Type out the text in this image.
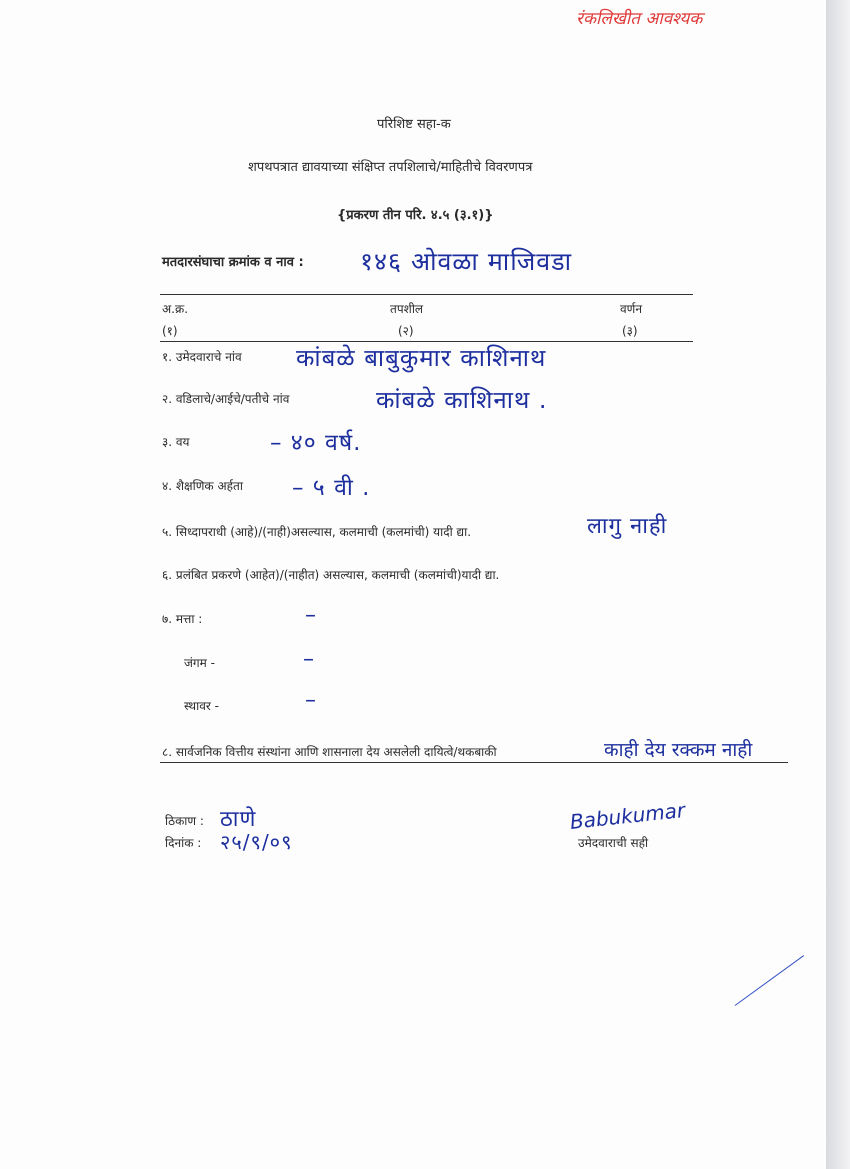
रंकलिखीत आवश्यक
परिशिष्ट सहा-क
शपथपत्रात द्यावयाच्या संक्षिप्त तपशिलाचे/माहितीचे विवरणपत्र
{प्रकरण तीन परि. ४.५ (३.१)}
मतदारसंघाचा क्रमांक व नाव : १४६ ओवळा माजिवडा
अ.क्र.	तपशील	वर्णन
(१)	(२)	(३)
१. उमेदवाराचे नांव कांबळे बाबुकुमार काशिनाथ
२. वडिलाचे/आईचे/पतीचे नांव	कांबळे काशिनाथ .
३. वय	– ४० वर्ष.
४. शैक्षणिक अर्हता – ५ वी .
५. सिध्दापराधी (आहे)/(नाही)असल्यास, कलमाची (कलमांची) यादी द्या.	लागु नाही
६. प्रलंबित प्रकरणे (आहेत)/(नाहीत) असल्यास, कलमाची (कलमांची)यादी द्या.
७. मत्ता :	–
जंगम -	–
स्थावर -	–
८. सार्वजनिक वित्तीय संस्थांना आणि शासनाला देय असलेली दायित्वे/थकबाकी	काही देय रक्कम नाही
ठिकाण : ठाणे
दिनांक : २५/९/०९
Babukumar
उमेदवाराची सही
